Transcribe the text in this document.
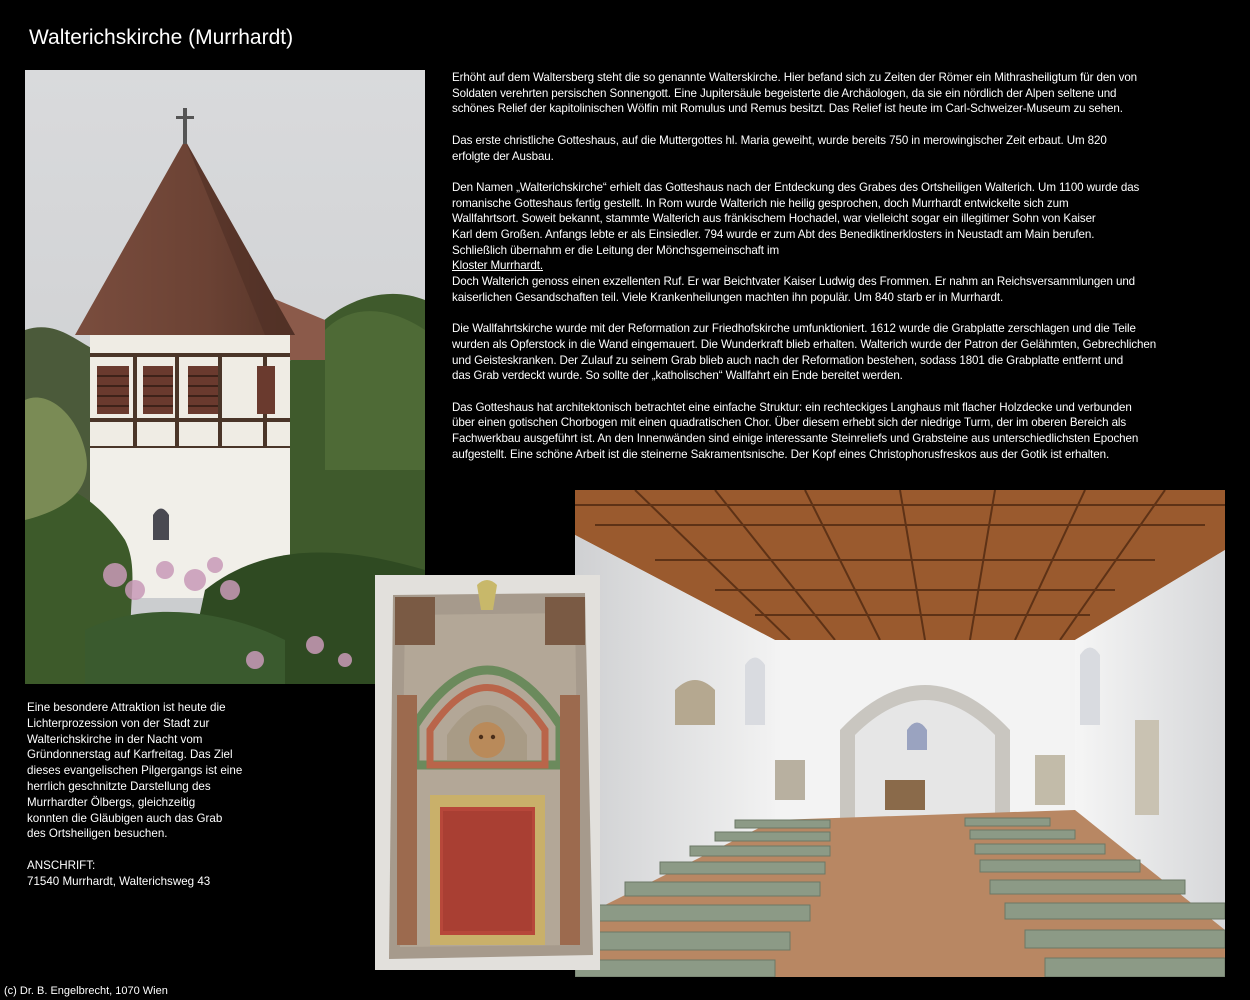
Walterichskirche (Murrhardt)

Erhöht auf dem Waltersberg steht die so genannte Walterskirche. Hier befand sich zu Zeiten der Römer ein Mithrasheiligtum für den von
Soldaten verehrten persischen Sonnengott. Eine Jupitersäule begeisterte die Archäologen, da sie ein nördlich der Alpen seltene und
schönes Relief der kapitolinischen Wölfin mit Romulus und Remus besitzt. Das Relief ist heute im Carl-Schweizer-Museum zu sehen.

Das erste christliche Gotteshaus, auf die Muttergottes hl. Maria geweiht, wurde bereits 750 in merowingischer Zeit erbaut. Um 820
erfolgte der Ausbau.

Den Namen „Walterichskirche“ erhielt das Gotteshaus nach der Entdeckung des Grabes des Ortsheiligen Walterich. Um 1100 wurde das
romanische Gotteshaus fertig gestellt. In Rom wurde Walterich nie heilig gesprochen, doch Murrhardt entwickelte sich zum
Wallfahrtsort. Soweit bekannt, stammte Walterich aus fränkischem Hochadel, war vielleicht sogar ein illegitimer Sohn von Kaiser
Karl dem Großen. Anfangs lebte er als Einsiedler. 794 wurde er zum Abt des Benediktinerklosters in Neustadt am Main berufen.
Schließlich übernahm er die Leitung der Mönchsgemeinschaft im
Kloster Murrhardt.
Doch Walterich genoss einen exzellenten Ruf. Er war Beichtvater Kaiser Ludwig des Frommen. Er nahm an Reichsversammlungen und
kaiserlichen Gesandschaften teil. Viele Krankenheilungen machten ihn populär. Um 840 starb er in Murrhardt.

Die Wallfahrtskirche wurde mit der Reformation zur Friedhofskirche umfunktioniert. 1612 wurde die Grabplatte zerschlagen und die Teile
wurden als Opferstock in die Wand eingemauert. Die Wunderkraft blieb erhalten. Walterich wurde der Patron der Gelähmten, Gebrechlichen
und Geisteskranken. Der Zulauf zu seinem Grab blieb auch nach der Reformation bestehen, sodass 1801 die Grabplatte entfernt und
das Grab verdeckt wurde. So sollte der „katholischen“ Wallfahrt ein Ende bereitet werden.

Das Gotteshaus hat architektonisch betrachtet eine einfache Struktur: ein rechteckiges Langhaus mit flacher Holzdecke und verbunden
über einen gotischen Chorbogen mit einen quadratischen Chor. Über diesem erhebt sich der niedrige Turm, der im oberen Bereich als
Fachwerkbau ausgeführt ist. An den Innenwänden sind einige interessante Steinreliefs und Grabsteine aus unterschiedlichsten Epochen
aufgestellt. Eine schöne Arbeit ist die steinerne Sakramentsnische. Der Kopf eines Christophorusfreskos aus der Gotik ist erhalten.

Eine besondere Attraktion ist heute die
Lichterprozession von der Stadt zur
Walterichskirche in der Nacht vom
Gründonnerstag auf Karfreitag. Das Ziel
dieses evangelischen Pilgergangs ist eine
herrlich geschnitzte Darstellung des
Murrhardter Ölbergs, gleichzeitig
konnten die Gläubigen auch das Grab
des Ortsheiligen besuchen.
ANSCHRIFT:
71540 Murrhardt, Walterichsweg 43
(c) Dr. B. Engelbrecht, 1070 Wien
